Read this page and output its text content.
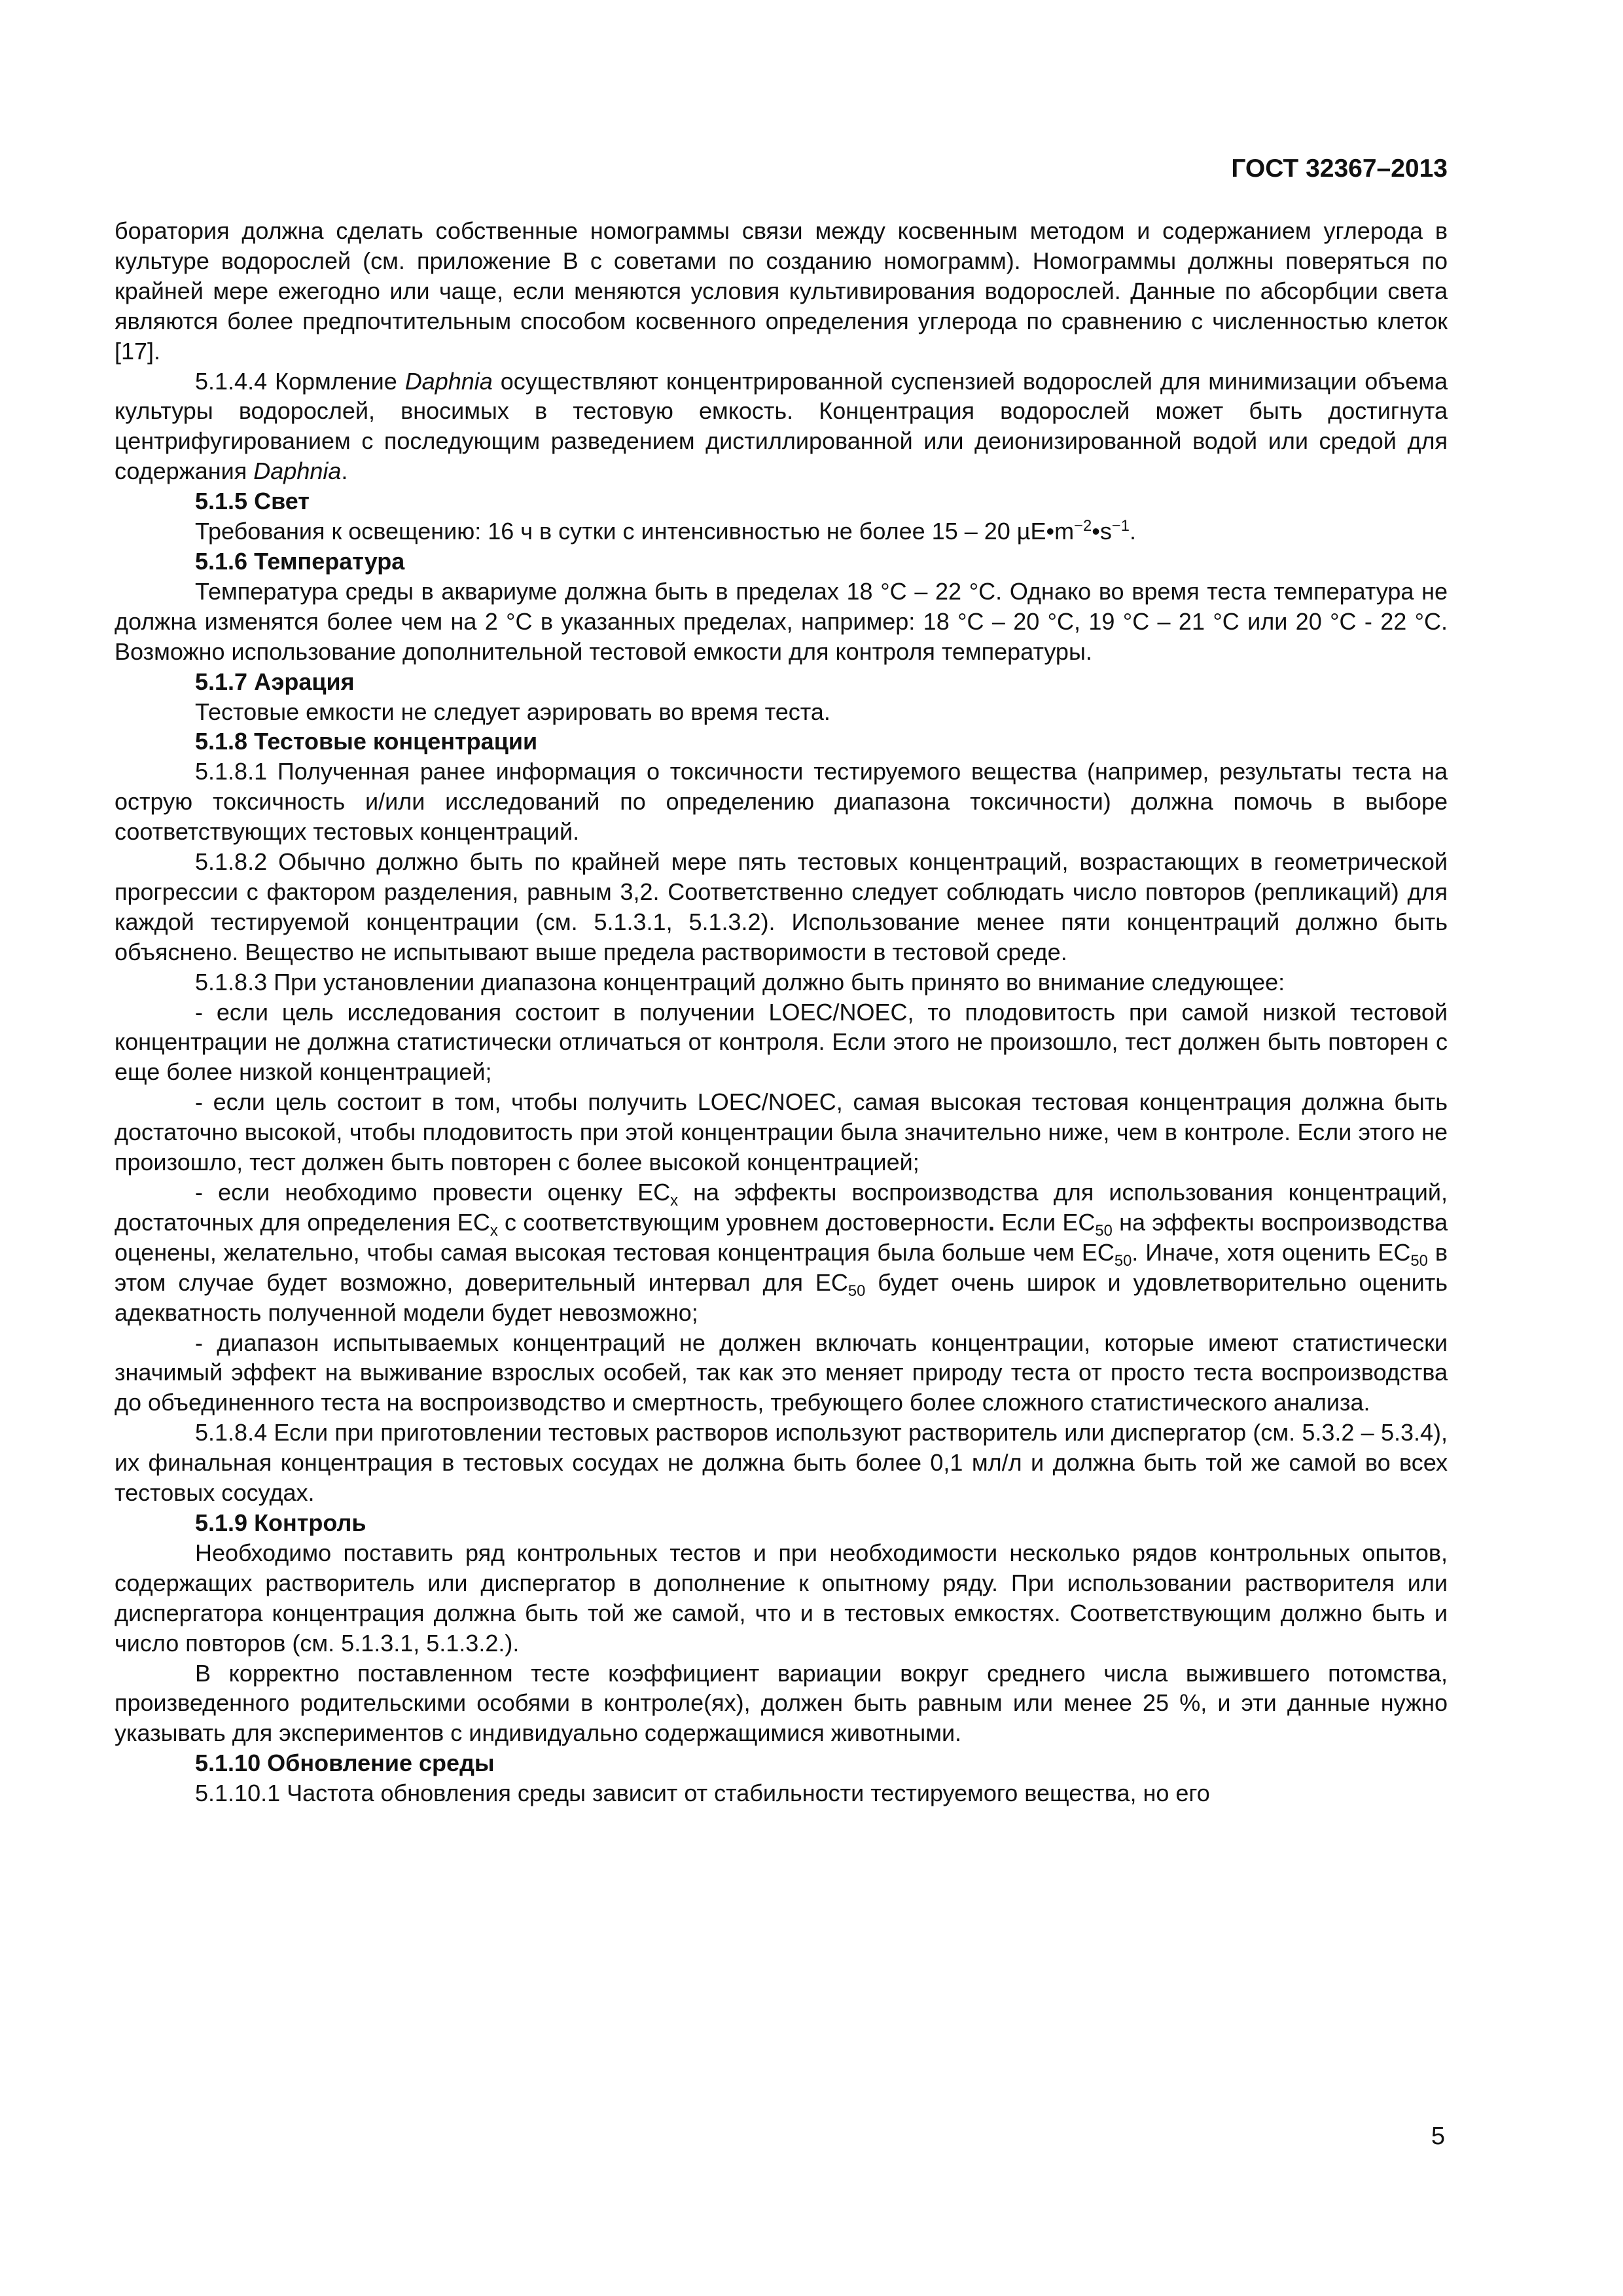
ГОСТ 32367–2013

боратория должна сделать собственные номограммы связи между косвенным методом и содержанием углерода в культуре водорослей (см. приложение В с советами по созданию номограмм). Номограммы должны поверяться по крайней мере ежегодно или чаще, если меняются условия культивирования водорослей. Данные по абсорбции света являются более предпочтительным способом косвенного определения углерода по сравнению с численностью клеток [17].

5.1.4.4 Кормление Daphnia осуществляют концентрированной суспензией водорослей для минимизации объема культуры водорослей, вносимых в тестовую емкость. Концентрация водорослей может быть достигнута центрифугированием с последующим разведением дистиллированной или деионизированной водой или средой для содержания Daphnia.

5.1.5 Свет

Требования к освещению: 16 ч в сутки с интенсивностью не более 15 – 20 $\mu E•m^{-2}•s^{-1}$.

5.1.6 Температура

Температура среды в аквариуме должна быть в пределах 18 °С – 22 °С. Однако во время теста температура не должна изменятся более чем на 2 °С в указанных пределах, например: 18 °С – 20 °С, 19 °С – 21 °С или 20 °С - 22 °С. Возможно использование дополнительной тестовой емкости для контроля температуры.

5.1.7 Аэрация

Тестовые емкости не следует аэрировать во время теста.

5.1.8 Тестовые концентрации

5.1.8.1 Полученная ранее информация о токсичности тестируемого вещества (например, результаты теста на острую токсичность и/или исследований по определению диапазона токсичности) должна помочь в выборе соответствующих тестовых концентраций.

5.1.8.2 Обычно должно быть по крайней мере пять тестовых концентраций, возрастающих в геометрической прогрессии с фактором разделения, равным 3,2. Соответственно следует соблюдать число повторов (репликаций) для каждой тестируемой концентрации (см. 5.1.3.1, 5.1.3.2). Использование менее пяти концентраций должно быть объяснено. Вещество не испытывают выше предела растворимости в тестовой среде.

5.1.8.3 При установлении диапазона концентраций должно быть принято во внимание следующее:

- если цель исследования состоит в получении LOEC/NOEC, то плодовитость при самой низкой тестовой концентрации не должна статистически отличаться от контроля. Если этого не произошло, тест должен быть повторен с еще более низкой концентрацией;

- если цель состоит в том, чтобы получить LOEC/NOEC, самая высокая тестовая концентрация должна быть достаточно высокой, чтобы плодовитость при этой концентрации была значительно ниже, чем в контроле. Если этого не произошло, тест должен быть повторен с более высокой концентрацией;

- если необходимо провести оценку $EC_x$ на эффекты воспроизводства для использования концентраций, достаточных для определения $EC_x$ с соответствующим уровнем достоверности. Если $EC_{50}$ на эффекты воспроизводства оценены, желательно, чтобы самая высокая тестовая концентрация была больше чем $EC_{50}$. Иначе, хотя оценить $EC_{50}$ в этом случае будет возможно, доверительный интервал для $EC_{50}$ будет очень широк и удовлетворительно оценить адекватность полученной модели будет невозможно;

- диапазон испытываемых концентраций не должен включать концентрации, которые имеют статистически значимый эффект на выживание взрослых особей, так как это меняет природу теста от просто теста воспроизводства до объединенного теста на воспроизводство и смертность, требующего более сложного статистического анализа.

5.1.8.4 Если при приготовлении тестовых растворов используют растворитель или диспергатор (см. 5.3.2 – 5.3.4), их финальная концентрация в тестовых сосудах не должна быть более 0,1 мл/л и должна быть той же самой во всех тестовых сосудах.

5.1.9 Контроль

Необходимо поставить ряд контрольных тестов и при необходимости несколько рядов контрольных опытов, содержащих растворитель или диспергатор в дополнение к опытному ряду. При использовании растворителя или диспергатора концентрация должна быть той же самой, что и в тестовых емкостях. Соответствующим должно быть и число повторов (см. 5.1.3.1, 5.1.3.2.).

В корректно поставленном тесте коэффициент вариации вокруг среднего числа выжившего потомства, произведенного родительскими особями в контроле(ях), должен быть равным или менее 25 %, и эти данные нужно указывать для экспериментов с индивидуально содержащимися животными.

5.1.10 Обновление среды

5.1.10.1 Частота обновления среды зависит от стабильности тестируемого вещества, но его

5
